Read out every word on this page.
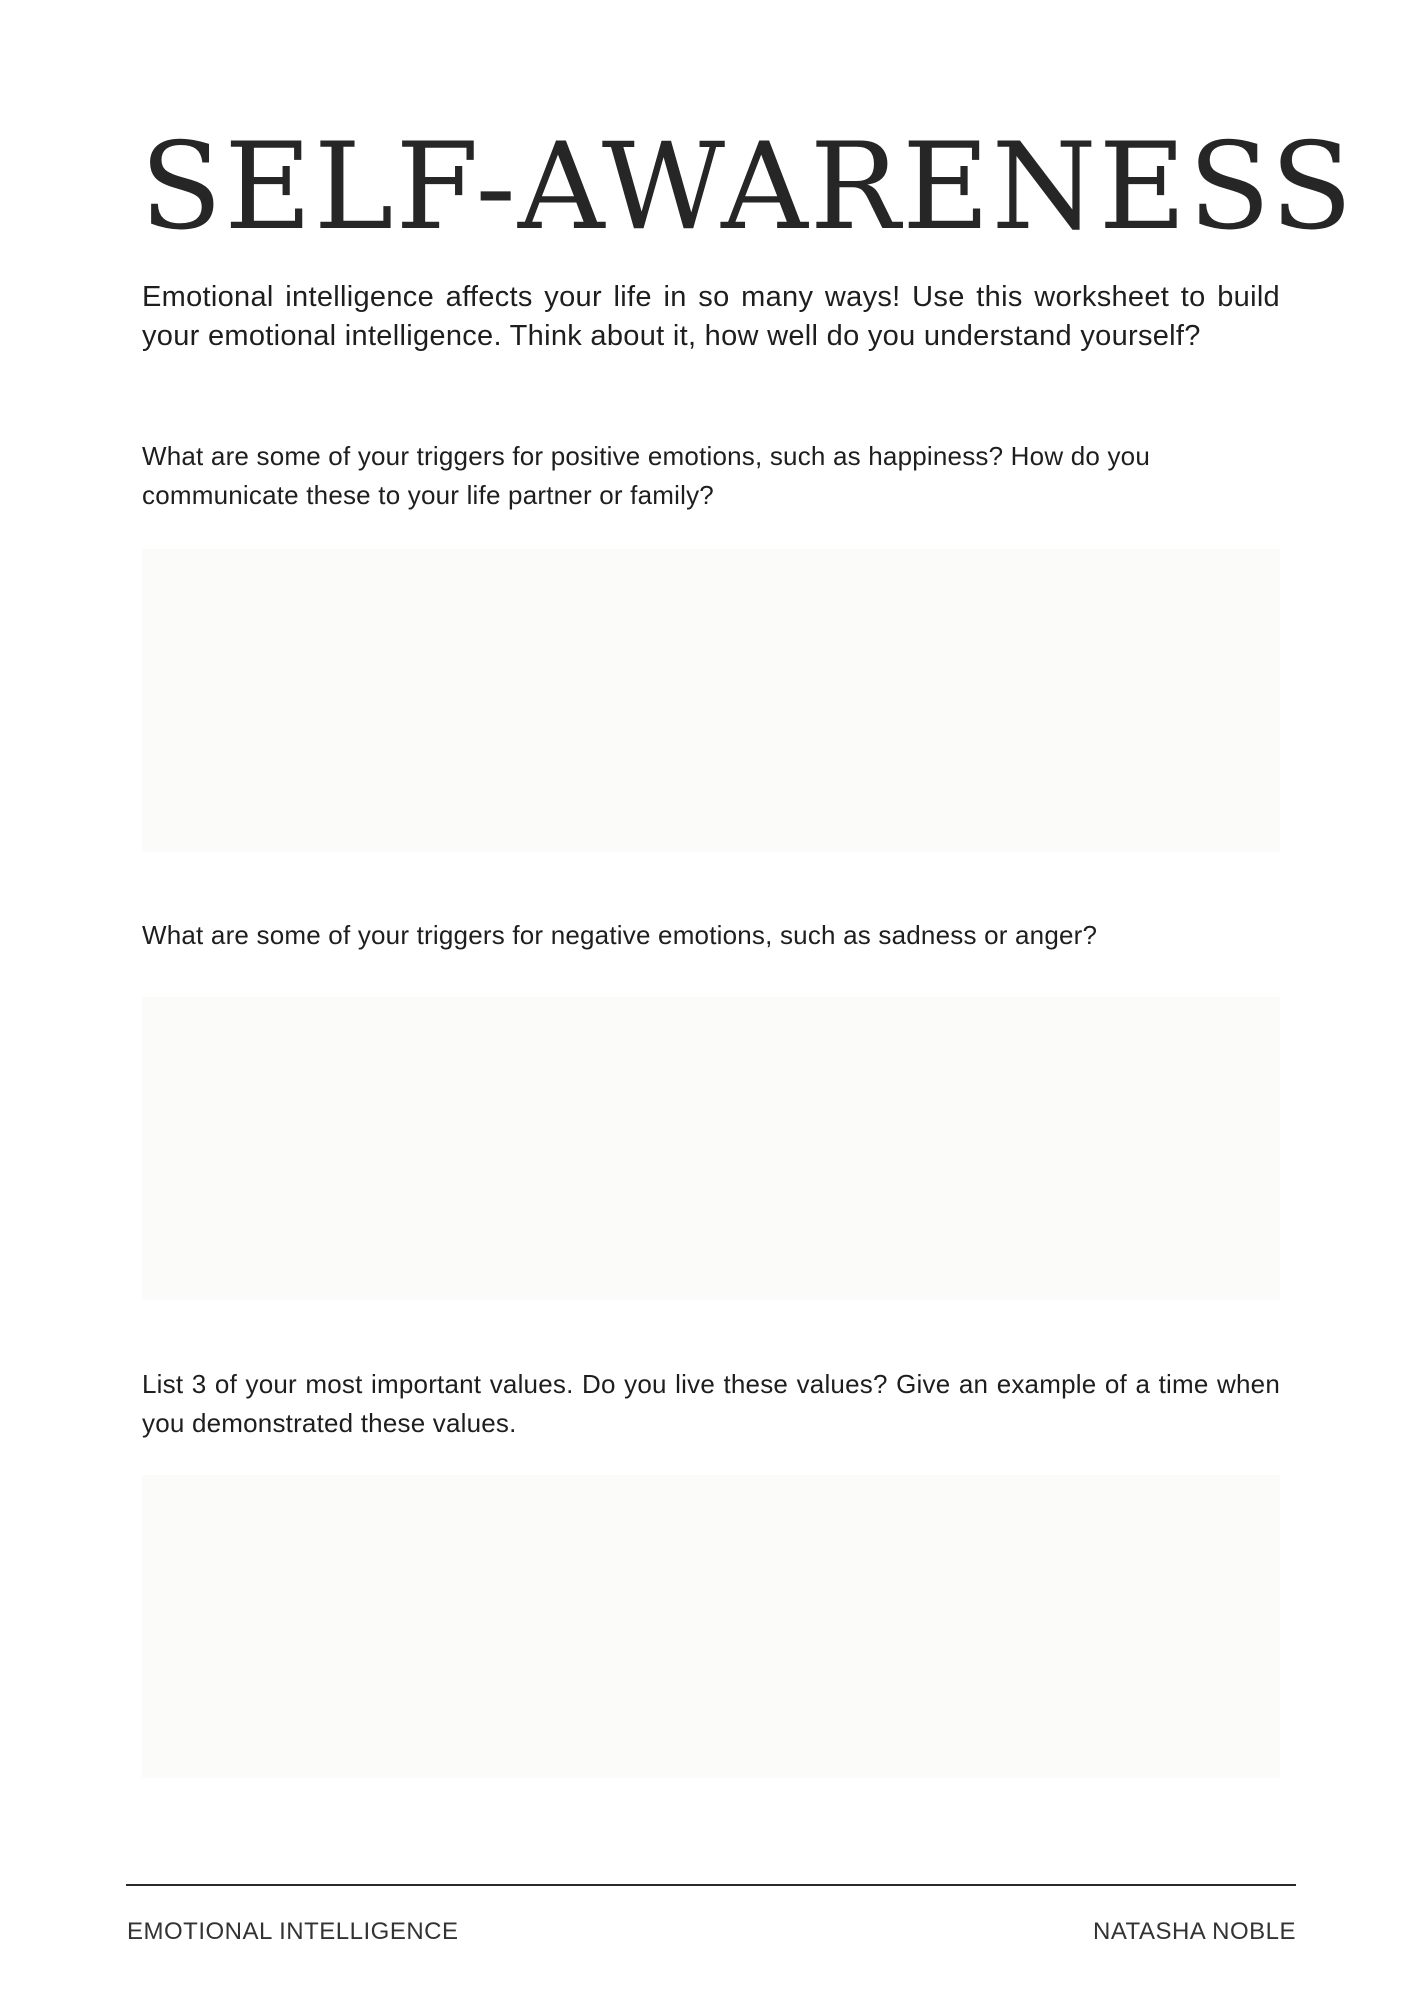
SELF-AWARENESS

Emotional intelligence affects your life in so many ways! Use this worksheet to build your emotional intelligence. Think about it, how well do you understand yourself?

What are some of your triggers for positive emotions, such as happiness? How do you communicate these to your life partner or family?

What are some of your triggers for negative emotions, such as sadness or anger?

List 3 of your most important values. Do you live these values? Give an example of a time when you demonstrated these values.

EMOTIONAL INTELLIGENCE	NATASHA NOBLE
